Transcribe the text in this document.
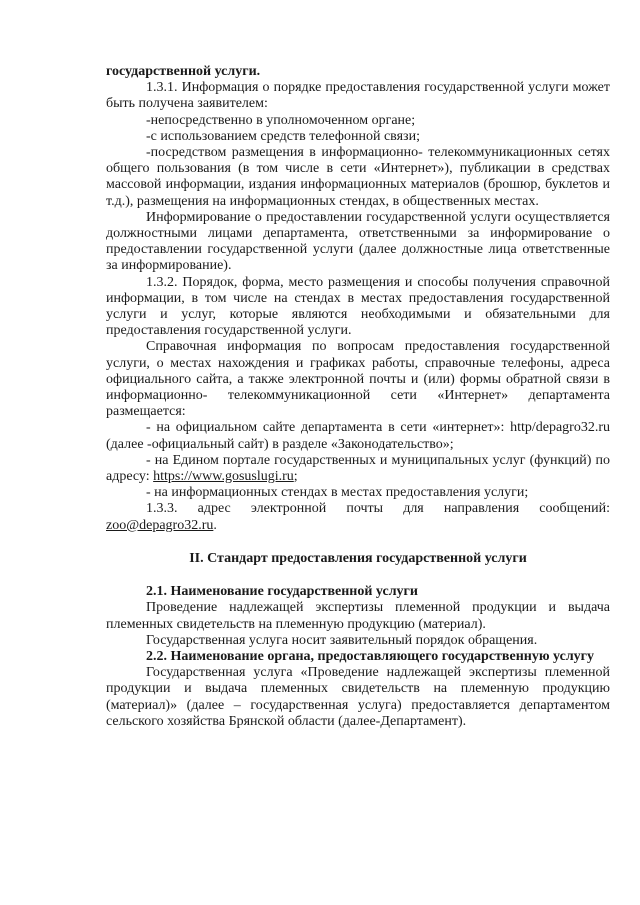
государственной услуги.

1.3.1. Информация о порядке предоставления государственной услуги может быть получена заявителем:

-непосредственно в уполномоченном органе;

-с использованием средств телефонной связи;

-посредством размещения в информационно- телекоммуникационных сетях общего пользования (в том числе в сети «Интернет»), публикации в средствах массовой информации, издания информационных материалов (брошюр, буклетов и т.д.), размещения на информационных стендах, в общественных местах.

Информирование о предоставлении государственной услуги осуществляется должностными лицами департамента, ответственными за информирование о предоставлении государственной услуги (далее должностные лица ответственные за информирование).

1.3.2. Порядок, форма, место размещения и способы получения справочной информации, в том числе на стендах в местах предоставления государственной услуги и услуг, которые являются необходимыми и обязательными для предоставления государственной услуги.

Справочная информация по вопросам предоставления государственной услуги, о местах нахождения и графиках работы, справочные телефоны, адреса официального сайта, а также электронной почты и (или) формы обратной связи в информационно- телекоммуникационной сети «Интернет» департамента размещается:

- на официальном сайте департамента в сети «интернет»: http/depagro32.ru (далее -официальный сайт) в разделе «Законодательство»;

- на Едином портале государственных и муниципальных услуг (функций) по адресу: https://www.gosuslugi.ru;

- на информационных стендах в местах предоставления услуги;

1.3.3. адрес электронной почты для направления сообщений: zoo@depagro32.ru.

II. Стандарт предоставления государственной услуги

2.1. Наименование государственной услуги

Проведение надлежащей экспертизы племенной продукции и выдача племенных свидетельств на племенную продукцию (материал).

Государственная услуга носит заявительный порядок обращения.

2.2. Наименование органа, предоставляющего государственную услугу

Государственная услуга «Проведение надлежащей экспертизы племенной продукции и выдача племенных свидетельств на племенную продукцию (материал)» (далее – государственная услуга) предоставляется департаментом сельского хозяйства Брянской области (далее-Департамент).
